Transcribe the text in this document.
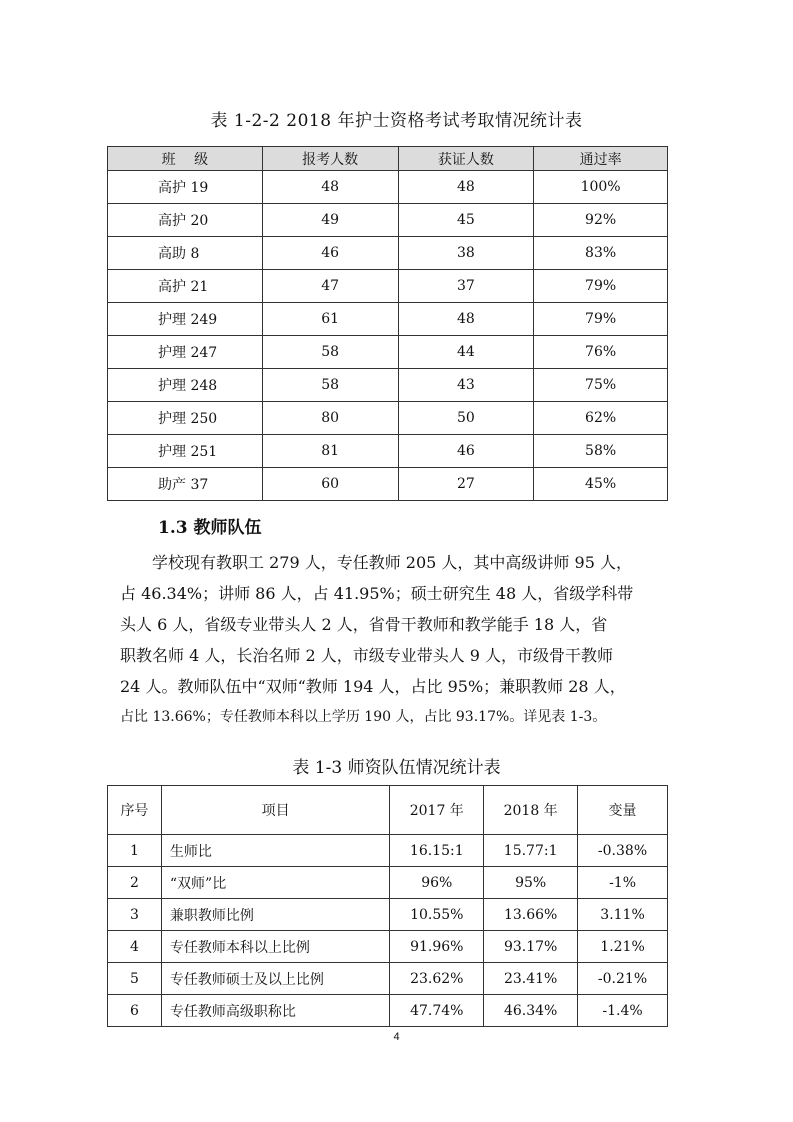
表 1-2-2 2018 年护士资格考试考取情况统计表
班　 级	报考人数	获证人数	通过率
高护 19	48	48	100%
高护 20	49	45	92%
高助 8	46	38	83%
高护 21	47	37	79%
护理 249	61	48	79%
护理 247	58	44	76%
护理 248	58	43	75%
护理 250	80	50	62%
护理 251	81	46	58%
助产 37	60	27	45%
1.3 教师队伍
学校现有教职工 279 人，专任教师 205 人，其中高级讲师 95 人，
占 46.34%；讲师 86 人，占 41.95%；硕士研究生 48 人，省级学科带
头人 6 人，省级专业带头人 2 人，省骨干教师和教学能手 18 人，省
职教名师 4 人，长治名师 2 人，市级专业带头人 9 人，市级骨干教师
24 人。教师队伍中“双师“教师 194 人，占比 95%；兼职教师 28 人，
占比 13.66%；专任教师本科以上学历 190 人，占比 93.17%。详见表 1-3。
表 1-3 师资队伍情况统计表
序号	项目	2017 年	2018 年	变量
1	生师比	16.15:1	15.77:1	-0.38%
2	“双师”比	96%	95%	-1%
3	兼职教师比例	10.55%	13.66%	3.11%
4	专任教师本科以上比例	91.96%	93.17%	1.21%
5	专任教师硕士及以上比例	23.62%	23.41%	-0.21%
6	专任教师高级职称比	47.74%	46.34%	-1.4%
4
